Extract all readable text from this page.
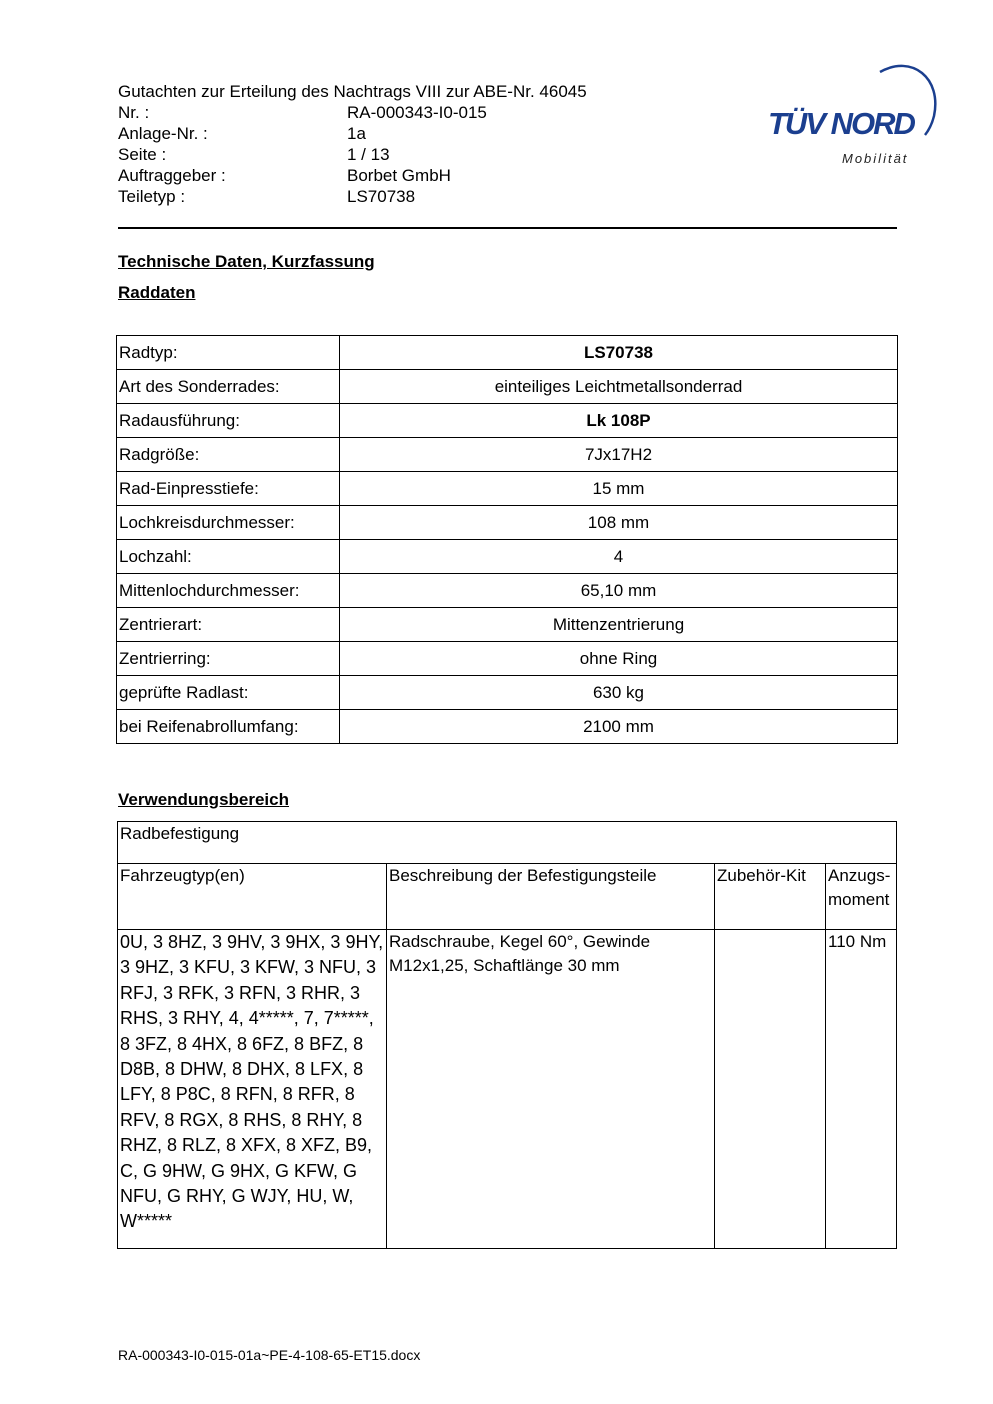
Gutachten zur Erteilung des Nachtrags VIII zur ABE-Nr. 46045
Nr. :	RA-000343-I0-015
Anlage-Nr. :	1a
Seite :	1 / 13
Auftraggeber :	Borbet GmbH
Teiletyp :	LS70738
TÜV NORD
Mobilität
Technische Daten, Kurzfassung
Raddaten
Radtyp:	LS70738
Art des Sonderrades:	einteiliges Leichtmetallsonderrad
Radausführung:	Lk 108P
Radgröße:	7Jx17H2
Rad-Einpresstiefe:	15 mm
Lochkreisdurchmesser:	108 mm
Lochzahl:	4
Mittenlochdurchmesser:	65,10 mm
Zentrierart:	Mittenzentrierung
Zentrierring:	ohne Ring
geprüfte Radlast:	630 kg
bei Reifenabrollumfang:	2100 mm
Verwendungsbereich
Radbefestigung			
Fahrzeugtyp(en)	Beschreibung der Befestigungsteile	Zubehör-Kit	Anzugs-moment
0U, 3 8HZ, 3 9HV, 3 9HX, 3 9HY, 3 9HZ, 3 KFU, 3 KFW, 3 NFU, 3 RFJ, 3 RFK, 3 RFN, 3 RHR, 3 RHS, 3 RHY, 4, 4*****, 7, 7*****, 8 3FZ, 8 4HX, 8 6FZ, 8 BFZ, 8 D8B, 8 DHW, 8 DHX, 8 LFX, 8 LFY, 8 P8C, 8 RFN, 8 RFR, 8 RFV, 8 RGX, 8 RHS, 8 RHY, 8 RHZ, 8 RLZ, 8 XFX, 8 XFZ, B9, C, G 9HW, G 9HX, G KFW, G NFU, G RHY, G WJY, HU, W, W*****	Radschraube, Kegel 60°, Gewinde M12x1,25, Schaftlänge 30 mm		110 Nm
RA-000343-I0-015-01a~PE-4-108-65-ET15.docx
